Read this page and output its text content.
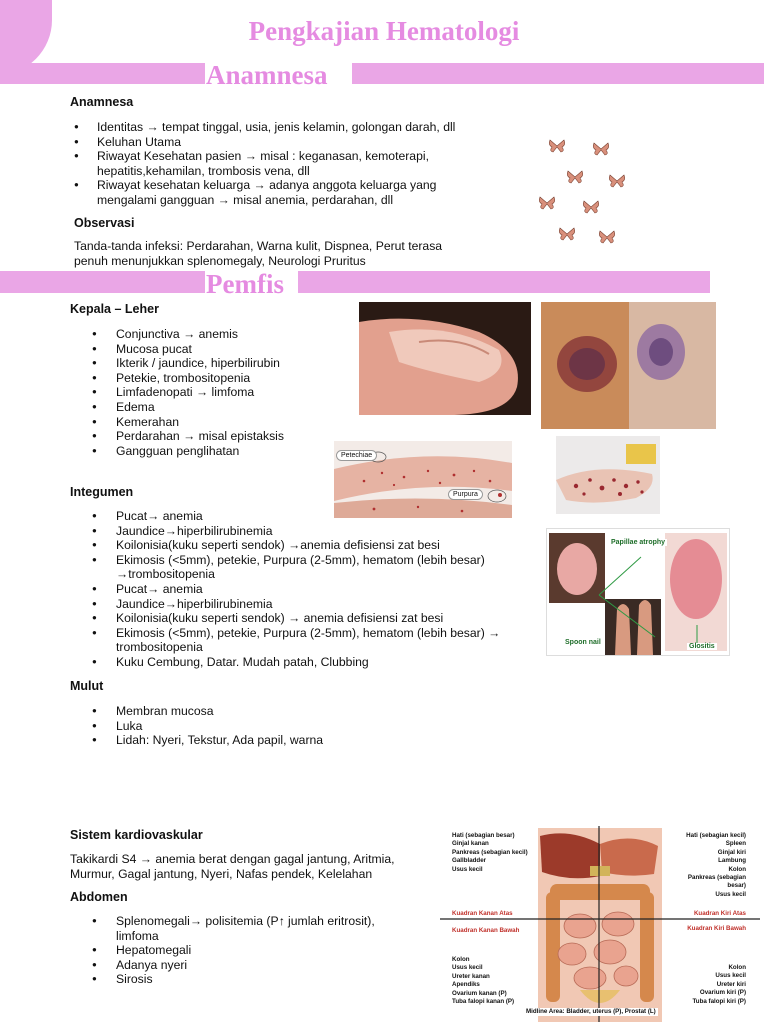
Pengkajian Hematologi
Anamnesa
Anamnesa
● Identitas → tempat tinggal, usia, jenis kelamin, golongan darah, dll
● Keluhan Utama
● Riwayat Kesehatan pasien → misal : keganasan, kemoterapi, hepatitis,kehamilan, trombosis vena, dll
● Riwayat kesehatan keluarga → adanya anggota keluarga yang mengalami gangguan → misal anemia, perdarahan, dll
Observasi
Tanda-tanda infeksi: Perdarahan, Warna kulit, Dispnea, Perut terasa penuh menunjukkan splenomegaly, Neurologi Pruritus
Pemfis
Kepala – Leher
● Conjunctiva → anemis
● Mucosa pucat
● Ikterik / jaundice, hiperbilirubin
● Petekie, trombositopenia
● Limfadenopati → limfoma
● Edema
● Kemerahan
● Perdarahan → misal epistaksis
● Gangguan penglihatan	Petechiae
Purpura
Integumen
● Pucat→ anemia
● Jaundice→hiperbilirubinemia
● Koilonisia(kuku seperti sendok) →anemia defisiensi zat besi
● Ekimosis (<5mm), petekie, Purpura (2-5mm), hematom (lebih besar) →trombositopenia
● Pucat→ anemia
● Jaundice→hiperbilirubinemia
● Koilonisia(kuku seperti sendok) → anemia defisiensi zat besi
● Ekimosis (<5mm), petekie, Purpura (2-5mm), hematom (lebih besar) → trombositopenia
● Kuku Cembung, Datar. Mudah patah, Clubbing
Papillae atrophy
Spoon nail
Glositis
Mulut
● Membran mucosa
● Luka
● Lidah: Nyeri, Tekstur, Ada papil, warna
Sistem kardiovaskular
Takikardi S4 → anemia berat dengan gagal jantung, Aritmia, Murmur, Gagal jantung, Nyeri, Nafas pendek, Kelelahan
Abdomen
● Splenomegali→ polisitemia (P↑ jumlah eritrosit), limfoma
● Hepatomegali
● Adanya nyeri
● Sirosis
Hati (sebagian besar)
Ginjal kanan
Pankreas (sebagian kecil)
Gallbladder
Usus kecil
Hati (sebagian kecil)
Spleen
Ginjal kiri
Lambung
Kolon
Pankreas (sebagian besar)
Usus kecil
Kuadran Kanan Atas	Kuadran Kiri Atas
Kuadran Kanan Bawah	Kuadran Kiri Bawah
Kolon
Usus kecil
Ureter kanan
Apendiks
Ovarium kanan (P)
Tuba falopi kanan (P)
Kolon
Usus kecil
Ureter kiri
Ovarium kiri (P)
Tuba falopi kiri (P)
Midline Area: Bladder, uterus (P), Prostat (L)
